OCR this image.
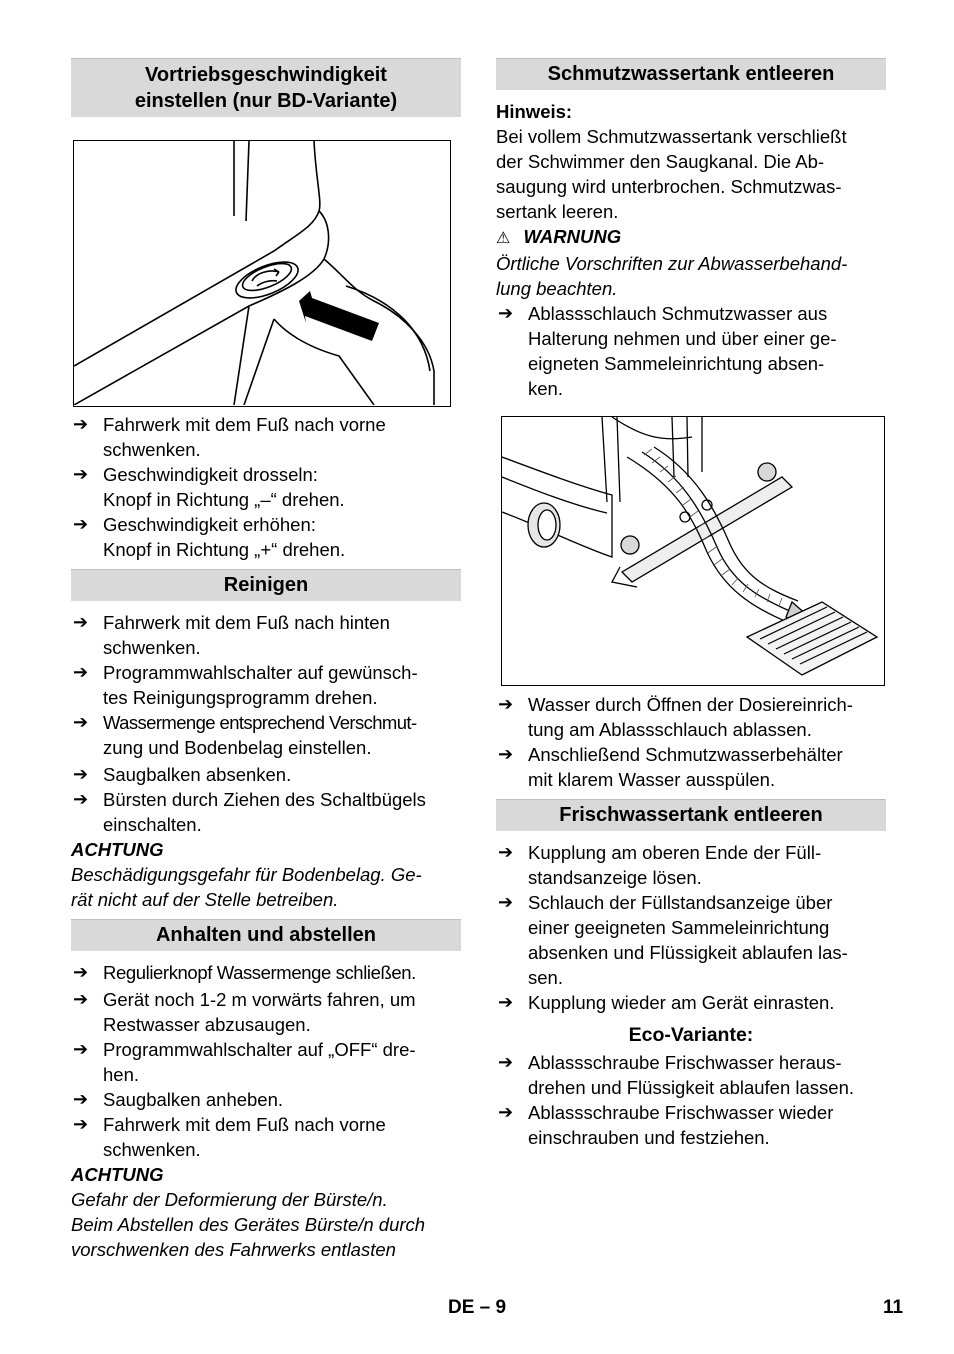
Vortriebsgeschwindigkeit
einstellen (nur BD-Variante)
➔ Fahrwerk mit dem Fuß nach vorne
schwenken.
➔ Geschwindigkeit drosseln:
Knopf in Richtung „–“ drehen.
➔ Geschwindigkeit erhöhen:
Knopf in Richtung „+“ drehen.
Reinigen
➔ Fahrwerk mit dem Fuß nach hinten
schwenken.
➔ Programmwahlschalter auf gewünsch-
tes Reinigungsprogramm drehen.
➔ Wassermenge entsprechend Verschmut-
zung und Bodenbelag einstellen.
➔ Saugbalken absenken.
➔ Bürsten durch Ziehen des Schaltbügels
einschalten.
ACHTUNG
Beschädigungsgefahr für Bodenbelag. Ge-
rät nicht auf der Stelle betreiben.
Anhalten und abstellen
➔ Regulierknopf Wassermenge schließen.
➔ Gerät noch 1-2 m vorwärts fahren, um
Restwasser abzusaugen.
➔ Programmwahlschalter auf „OFF“ dre-
hen.
➔ Saugbalken anheben.
➔ Fahrwerk mit dem Fuß nach vorne
schwenken.
ACHTUNG
Gefahr der Deformierung der Bürste/n.
Beim Abstellen des Gerätes Bürste/n durch
vorschwenken des Fahrwerks entlasten
Schmutzwassertank entleeren
Hinweis:
Bei vollem Schmutzwassertank verschließt
der Schwimmer den Saugkanal. Die Ab-
saugung wird unterbrochen. Schmutzwas-
sertank leeren.
⚠ WARNUNG
Örtliche Vorschriften zur Abwasserbehand-
lung beachten.
➔ Ablassschlauch Schmutzwasser aus
Halterung nehmen und über einer ge-
eigneten Sammeleinrichtung absen-
ken.
➔ Wasser durch Öffnen der Dosiereinrich-
tung am Ablassschlauch ablassen.
➔ Anschließend Schmutzwasserbehälter
mit klarem Wasser ausspülen.
Frischwassertank entleeren
➔ Kupplung am oberen Ende der Füll-
standsanzeige lösen.
➔ Schlauch der Füllstandsanzeige über
einer geeigneten Sammeleinrichtung
absenken und Flüssigkeit ablaufen las-
sen.
➔ Kupplung wieder am Gerät einrasten.
Eco-Variante:
➔ Ablassschraube Frischwasser heraus-
drehen und Flüssigkeit ablaufen lassen.
➔ Ablassschraube Frischwasser wieder
einschrauben und festziehen.
DE – 9	11
